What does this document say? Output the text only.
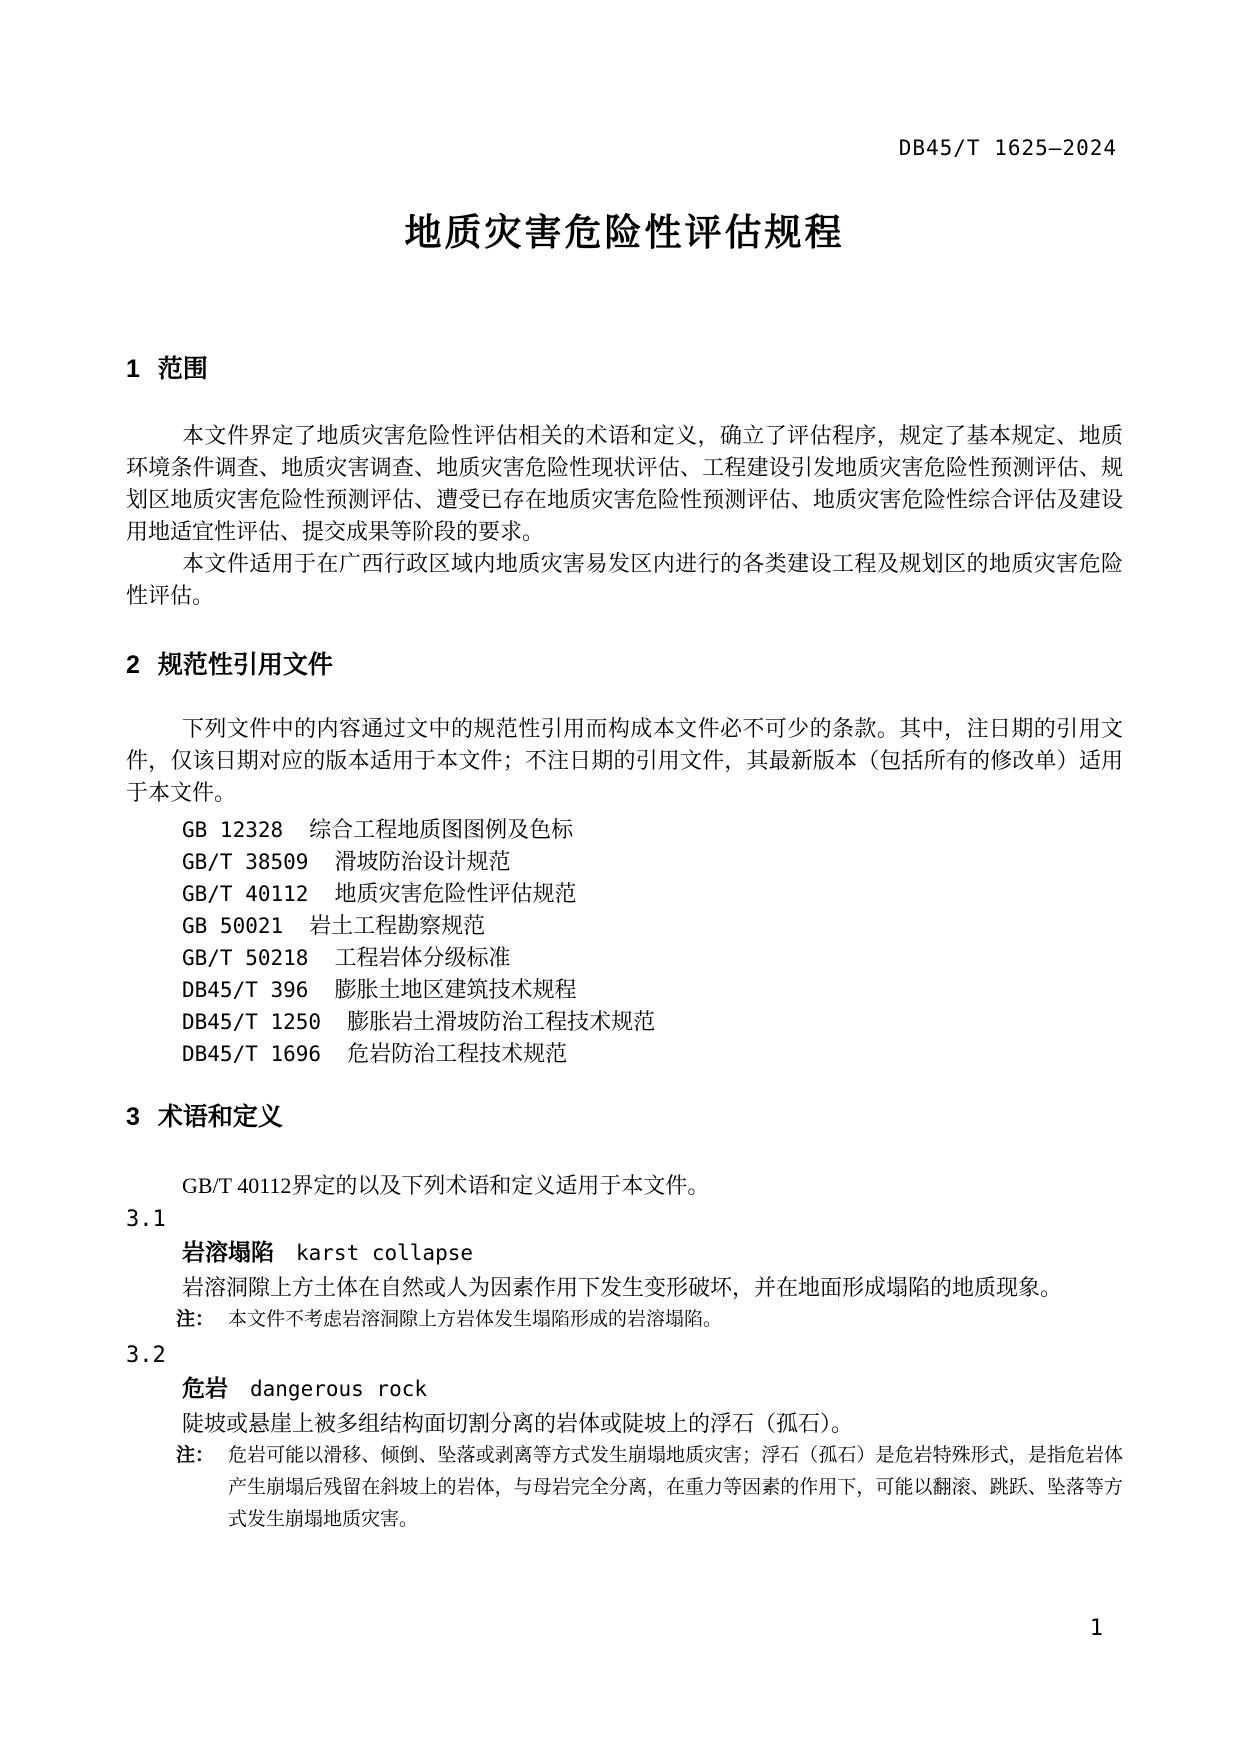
DB45/T 1625—2024
地质灾害危险性评估规程
1 范围

本文件界定了地质灾害危险性评估相关的术语和定义，确立了评估程序，规定了基本规定、地质环境条件调查、地质灾害调查、地质灾害危险性现状评估、工程建设引发地质灾害危险性预测评估、规划区地质灾害危险性预测评估、遭受已存在地质灾害危险性预测评估、地质灾害危险性综合评估及建设用地适宜性评估、提交成果等阶段的要求。

本文件适用于在广西行政区域内地质灾害易发区内进行的各类建设工程及规划区的地质灾害危险性评估。

2 规范性引用文件

下列文件中的内容通过文中的规范性引用而构成本文件必不可少的条款。其中，注日期的引用文件，仅该日期对应的版本适用于本文件；不注日期的引用文件，其最新版本（包括所有的修改单）适用于本文件。

GB 12328 综合工程地质图图例及色标
GB/T 38509 滑坡防治设计规范
GB/T 40112 地质灾害危险性评估规范
GB 50021 岩土工程勘察规范
GB/T 50218 工程岩体分级标准
DB45/T 396 膨胀土地区建筑技术规程
DB45/T 1250 膨胀岩土滑坡防治工程技术规范
DB45/T 1696 危岩防治工程技术规范
3 术语和定义

GB/T 40112界定的以及下列术语和定义适用于本文件。

3.1
岩溶塌陷 karst collapse
岩溶洞隙上方土体在自然或人为因素作用下发生变形破坏，并在地面形成塌陷的地质现象。
注： 本文件不考虑岩溶洞隙上方岩体发生塌陷形成的岩溶塌陷。
3.2
危岩 dangerous rock
陡坡或悬崖上被多组结构面切割分离的岩体或陡坡上的浮石（孤石）。
注： 危岩可能以滑移、倾倒、坠落或剥离等方式发生崩塌地质灾害；浮石（孤石）是危岩特殊形式，是指危岩体产生崩塌后残留在斜坡上的岩体，与母岩完全分离，在重力等因素的作用下，可能以翻滚、跳跃、坠落等方式发生崩塌地质灾害。
1
